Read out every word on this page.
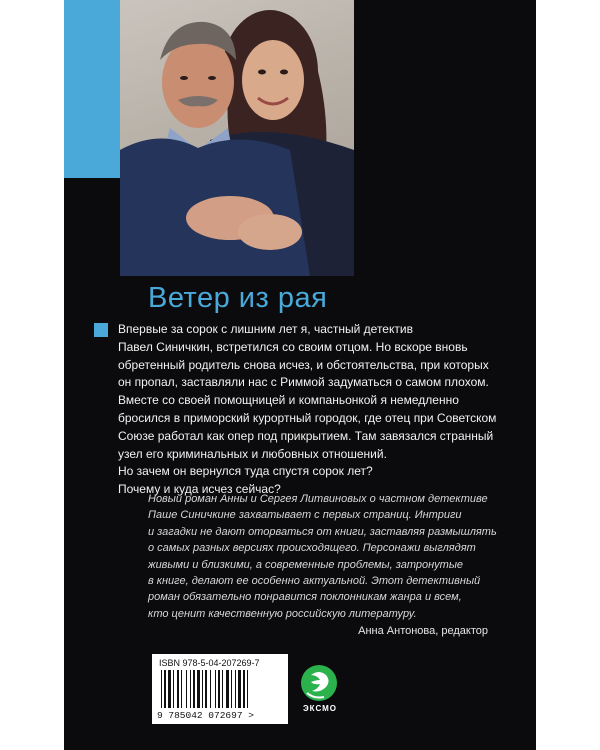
Ветер из рая
Впервые за сорок с лишним лет я, частный детектив
Павел Синичкин, встретился со своим отцом. Но вскоре вновь
обретенный родитель снова исчез, и обстоятельства, при которых
он пропал, заставляли нас с Риммой задуматься о самом плохом.
Вместе со своей помощницей и компаньонкой я немедленно
бросился в приморский курортный городок, где отец при Советском
Союзе работал как опер под прикрытием. Там завязался странный
узел его криминальных и любовных отношений.
Но зачем он вернулся туда спустя сорок лет?
Почему и куда исчез сейчас?
Новый роман Анны и Сергея Литвиновых о частном детективе
Паше Синичкине захватывает с первых страниц. Интриги
и загадки не дают оторваться от книги, заставляя размышлять
о самых разных версиях происходящего. Персонажи выглядят
живыми и близкими, а современные проблемы, затронутые
в книге, делают ее особенно актуальной. Этот детективный
роман обязательно понравится поклонникам жанра и всем,
кто ценит качественную российскую литературу.
Анна Антонова, редактор
ISBN 978-5-04-207269-7
9 785042 072697 >
ЭКСМО
